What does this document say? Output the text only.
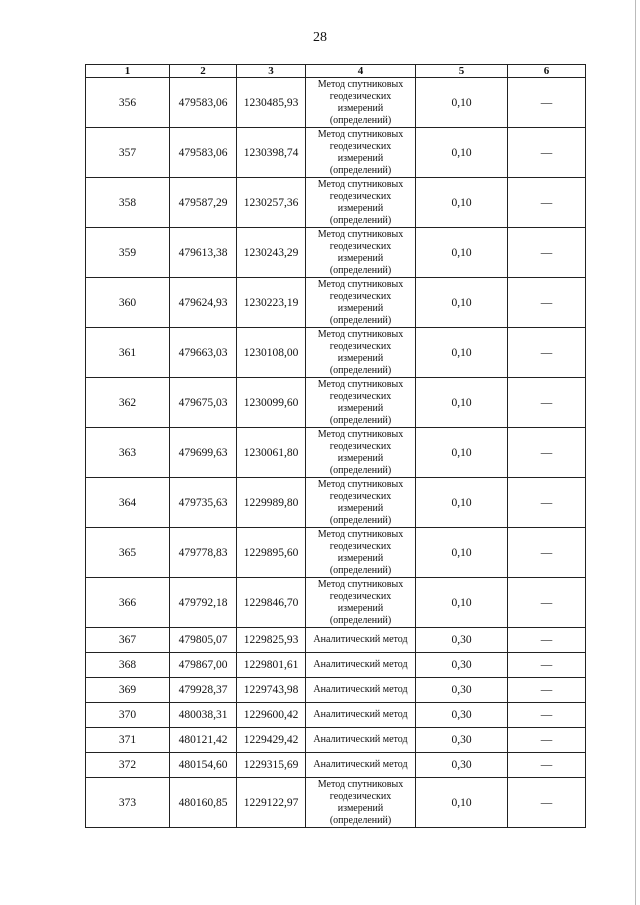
28
1	2	3	4	5	6
356	479583,06	1230485,93	Метод спутниковых геодезических измерений (определений)	0,10	—
357	479583,06	1230398,74	Метод спутниковых геодезических измерений (определений)	0,10	—
358	479587,29	1230257,36	Метод спутниковых геодезических измерений (определений)	0,10	—
359	479613,38	1230243,29	Метод спутниковых геодезических измерений (определений)	0,10	—
360	479624,93	1230223,19	Метод спутниковых геодезических измерений (определений)	0,10	—
361	479663,03	1230108,00	Метод спутниковых геодезических измерений (определений)	0,10	—
362	479675,03	1230099,60	Метод спутниковых геодезических измерений (определений)	0,10	—
363	479699,63	1230061,80	Метод спутниковых геодезических измерений (определений)	0,10	—
364	479735,63	1229989,80	Метод спутниковых геодезических измерений (определений)	0,10	—
365	479778,83	1229895,60	Метод спутниковых геодезических измерений (определений)	0,10	—
366	479792,18	1229846,70	Метод спутниковых геодезических измерений (определений)	0,10	—
367	479805,07	1229825,93	Аналитический метод	0,30	—
368	479867,00	1229801,61	Аналитический метод	0,30	—
369	479928,37	1229743,98	Аналитический метод	0,30	—
370	480038,31	1229600,42	Аналитический метод	0,30	—
371	480121,42	1229429,42	Аналитический метод	0,30	—
372	480154,60	1229315,69	Аналитический метод	0,30	—
373	480160,85	1229122,97	Метод спутниковых геодезических измерений (определений)	0,10	—
